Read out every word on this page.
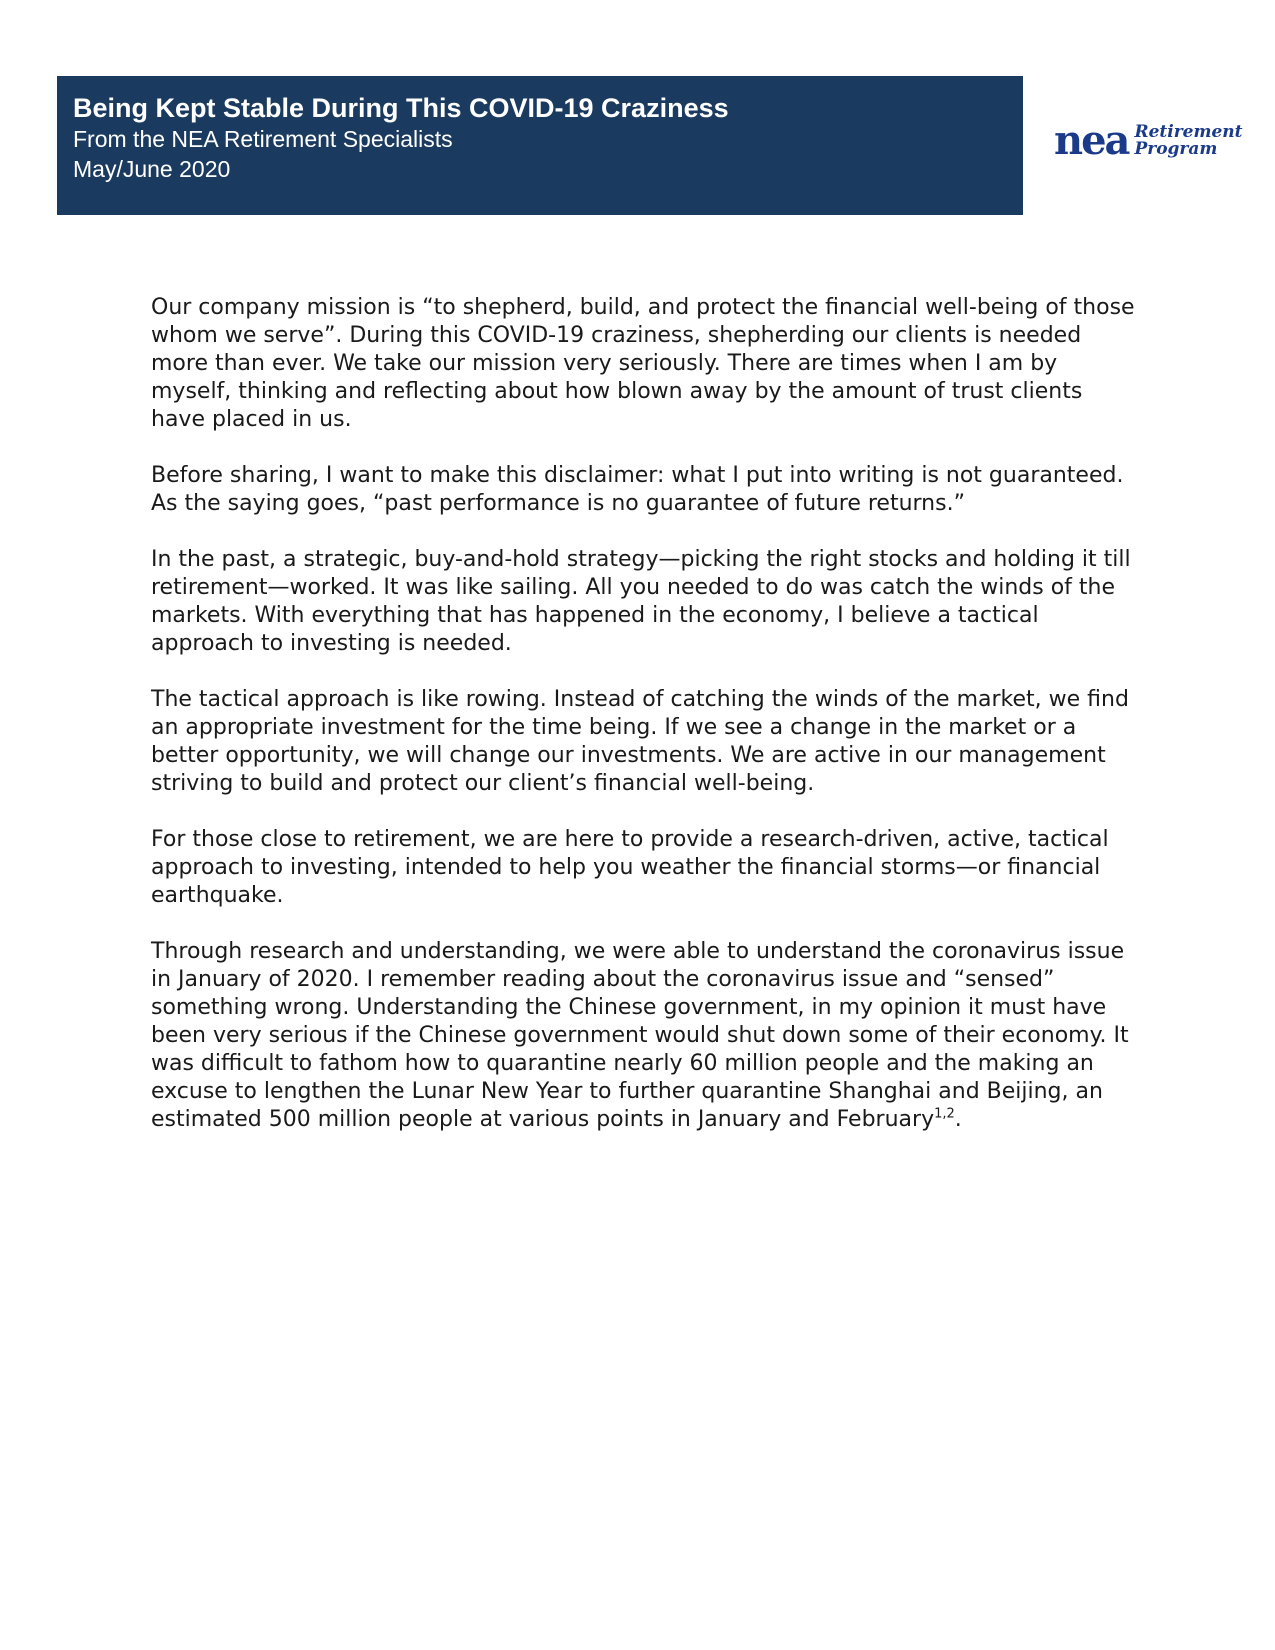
Being Kept Stable During This COVID-19 Craziness
From the NEA Retirement Specialists
May/June 2020
nea Retirement
Program

Our company mission is “to shepherd, build, and protect the financial well-being of those whom we serve”. During this COVID-19 craziness, shepherding our clients is needed more than ever. We take our mission very seriously. There are times when I am by myself, thinking and reflecting about how blown away by the amount of trust clients have placed in us.

Before sharing, I want to make this disclaimer: what I put into writing is not guaranteed. As the saying goes, “past performance is no guarantee of future returns.”

In the past, a strategic, buy-and-hold strategy—picking the right stocks and holding it till retirement—worked. It was like sailing. All you needed to do was catch the winds of the markets. With everything that has happened in the economy, I believe a tactical approach to investing is needed.

The tactical approach is like rowing. Instead of catching the winds of the market, we find an appropriate investment for the time being. If we see a change in the market or a better opportunity, we will change our investments. We are active in our management striving to build and protect our client’s financial well-being.

For those close to retirement, we are here to provide a research-driven, active, tactical approach to investing, intended to help you weather the financial storms—or financial earthquake.

Through research and understanding, we were able to understand the coronavirus issue in January of 2020. I remember reading about the coronavirus issue and “sensed” something wrong. Understanding the Chinese government, in my opinion it must have been very serious if the Chinese government would shut down some of their economy. It was difficult to fathom how to quarantine nearly 60 million people and the making an excuse to lengthen the Lunar New Year to further quarantine Shanghai and Beijing, an estimated 500 million people at various points in January and February$^{1,2}$.
